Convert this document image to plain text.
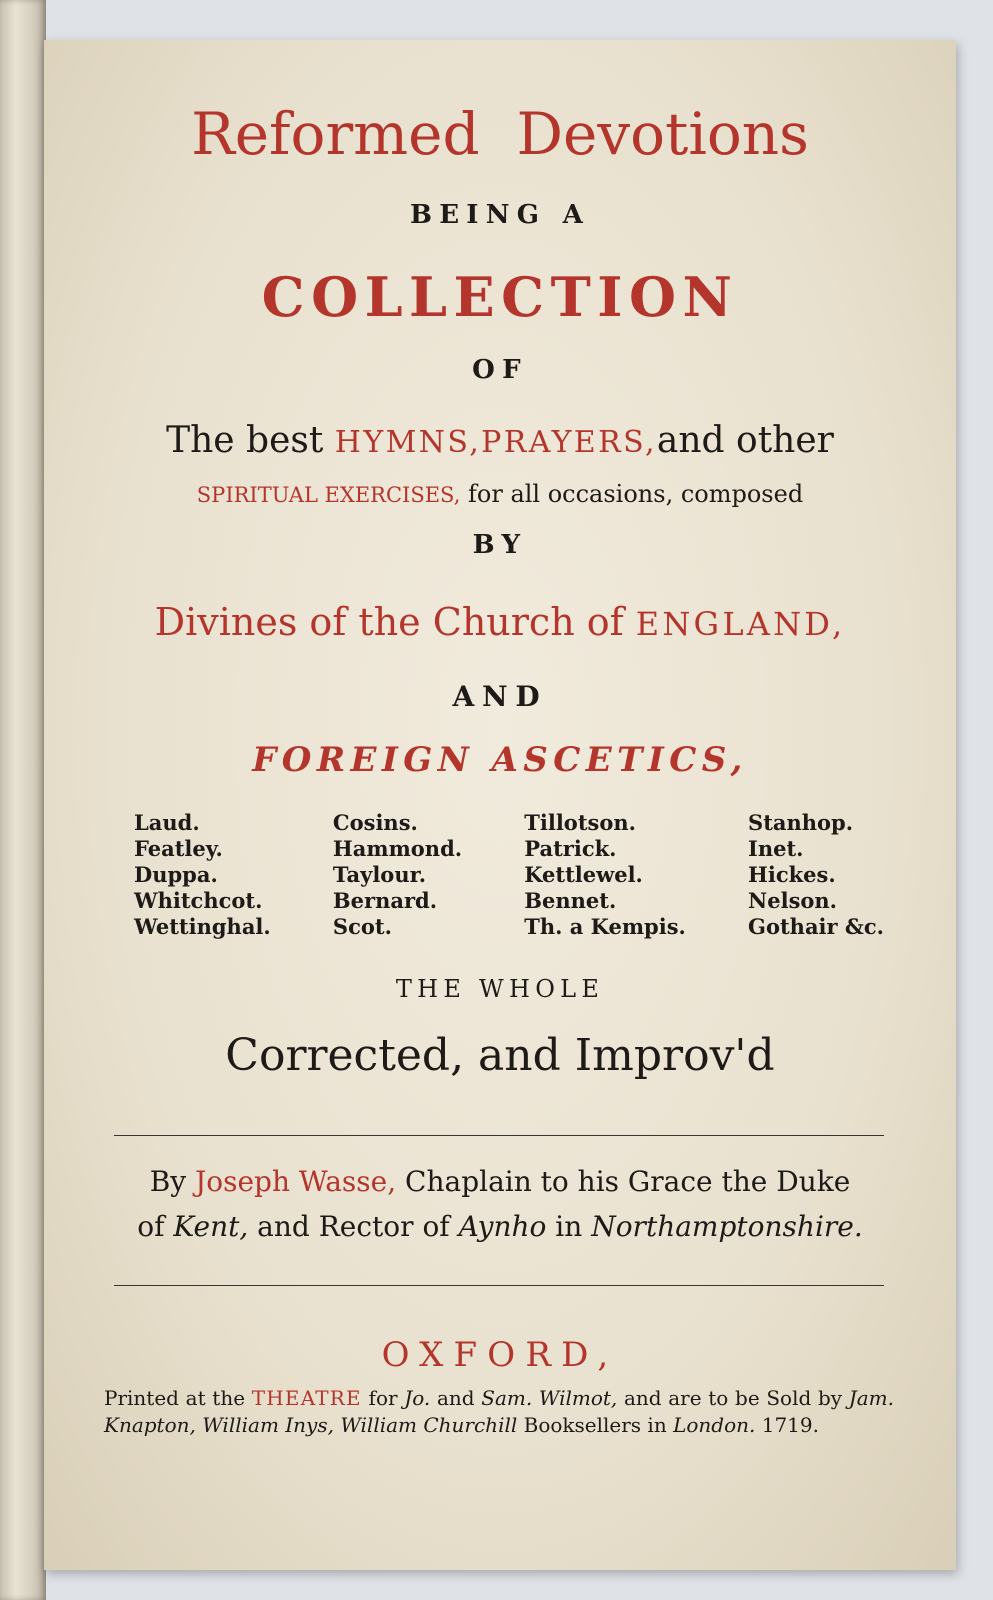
Reformed Devotions
BEING A
COLLECTION
OF
The best HYMNS,PRAYERS,and other
SPIRITUAL EXERCISES, for all occasions, composed
BY
Divines of the Church of ENGLAND,
AND
FOREIGN ASCETICS,
Laud.
Featley.
Duppa.
Whitchcot.
Wettinghal.
Cosins.
Hammond.
Taylour.
Bernard.
Scot.
Tillotson.
Patrick.
Kettlewel.
Bennet.
Th. a Kempis.
Stanhop.
Inet.
Hickes.
Nelson.
Gothair &c.
THE WHOLE
Corrected, and Improv'd
By Joseph Wasse, Chaplain to his Grace the Duke
of Kent, and Rector of Aynho in Northamptonshire.
OXFORD,
Printed at the THEATRE for Jo. and Sam. Wilmot, and are to be Sold by Jam. Knapton, William Inys, William Churchill Booksellers in London. 1719.
